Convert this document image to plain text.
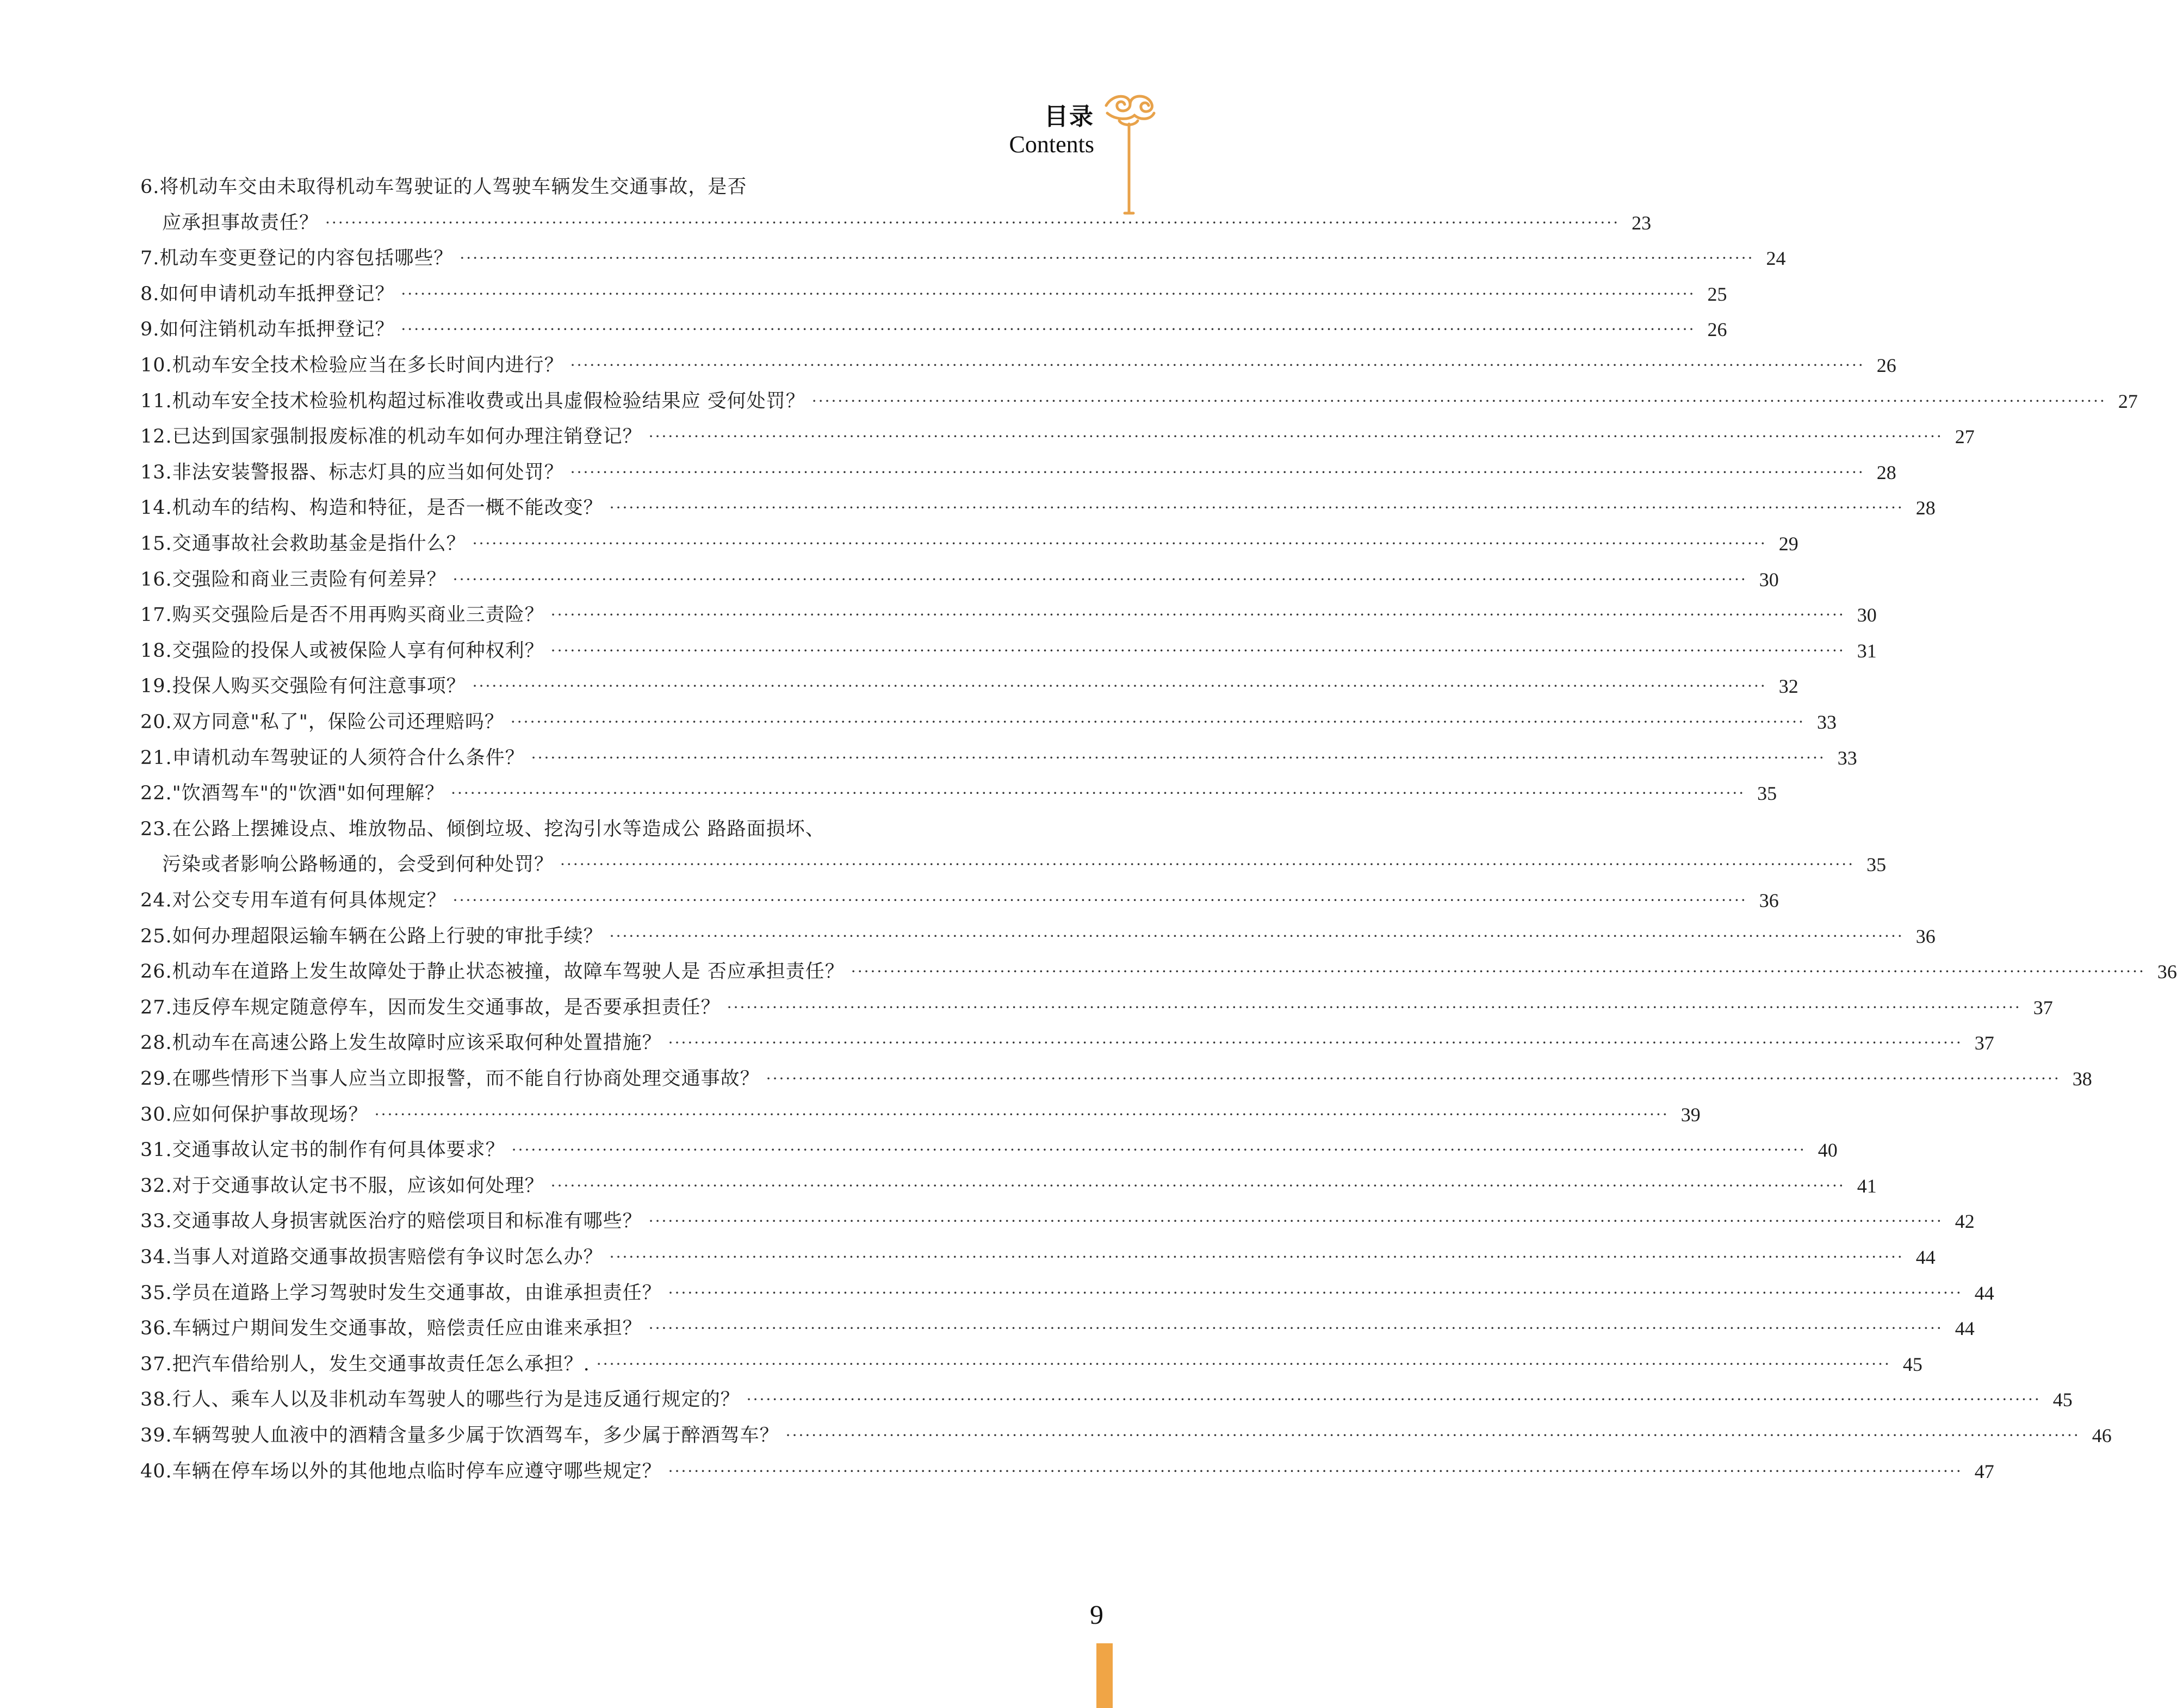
目录
Contents
6.将机动车交由未取得机动车驾驶证的人驾驶车辆发生交通事故，是否
应承担事故责任？ ········································································································································································································ 23
7.机动车变更登记的内容包括哪些？ ········································································································································································································ 24
8.如何申请机动车抵押登记？ ········································································································································································································ 25
9.如何注销机动车抵押登记？ ········································································································································································································ 26
10.机动车安全技术检验应当在多长时间内进行？ ········································································································································································································ 26
11.机动车安全技术检验机构超过标准收费或出具虚假检验结果应 受何处罚？ ········································································································································································································ 27
12.已达到国家强制报废标准的机动车如何办理注销登记？ ········································································································································································································ 27
13.非法安装警报器、标志灯具的应当如何处罚？ ········································································································································································································ 28
14.机动车的结构、构造和特征，是否一概不能改变？ ········································································································································································································ 28
15.交通事故社会救助基金是指什么？ ········································································································································································································ 29
16.交强险和商业三责险有何差异？ ········································································································································································································ 30
17.购买交强险后是否不用再购买商业三责险？ ········································································································································································································ 30
18.交强险的投保人或被保险人享有何种权利？ ········································································································································································································ 31
19.投保人购买交强险有何注意事项？ ········································································································································································································ 32
20.双方同意"私了"，保险公司还理赔吗？ ········································································································································································································ 33
21.申请机动车驾驶证的人须符合什么条件？ ········································································································································································································ 33
22."饮酒驾车"的"饮酒"如何理解？ ········································································································································································································ 35
23.在公路上摆摊设点、堆放物品、倾倒垃圾、挖沟引水等造成公 路路面损坏、
污染或者影响公路畅通的，会受到何种处罚？ ········································································································································································································ 35
24.对公交专用车道有何具体规定？ ········································································································································································································ 36
25.如何办理超限运输车辆在公路上行驶的审批手续？ ········································································································································································································ 36
26.机动车在道路上发生故障处于静止状态被撞，故障车驾驶人是 否应承担责任？ ········································································································································································································ 36
27.违反停车规定随意停车，因而发生交通事故，是否要承担责任？ ········································································································································································································ 37
28.机动车在高速公路上发生故障时应该采取何种处置措施？ ········································································································································································································ 37
29.在哪些情形下当事人应当立即报警，而不能自行协商处理交通事故？ ········································································································································································································ 38
30.应如何保护事故现场？ ········································································································································································································ 39
31.交通事故认定书的制作有何具体要求？ ········································································································································································································ 40
32.对于交通事故认定书不服，应该如何处理？ ········································································································································································································ 41
33.交通事故人身损害就医治疗的赔偿项目和标准有哪些？ ········································································································································································································ 42
34.当事人对道路交通事故损害赔偿有争议时怎么办？ ········································································································································································································ 44
35.学员在道路上学习驾驶时发生交通事故，由谁承担责任？ ········································································································································································································ 44
36.车辆过户期间发生交通事故，赔偿责任应由谁来承担？ ········································································································································································································ 44
37.把汽车借给别人，发生交通事故责任怎么承担？. ········································································································································································································ 45
38.行人、乘车人以及非机动车驾驶人的哪些行为是违反通行规定的？ ········································································································································································································ 45
39.车辆驾驶人血液中的酒精含量多少属于饮酒驾车，多少属于醉酒驾车？ ········································································································································································································ 46
40.车辆在停车场以外的其他地点临时停车应遵守哪些规定？ ········································································································································································································ 47
9
